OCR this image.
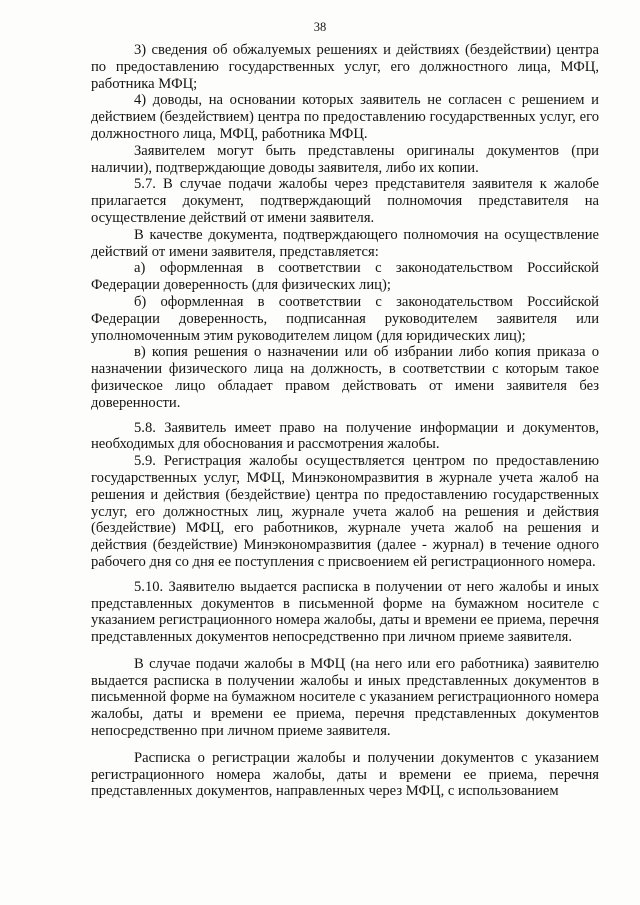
38

3) сведения об обжалуемых решениях и действиях (бездействии) центра по предоставлению государственных услуг, его должностного лица, МФЦ, работника МФЦ;

4) доводы, на основании которых заявитель не согласен с решением и действием (бездействием) центра по предоставлению государственных услуг, его должностного лица, МФЦ, работника МФЦ.

Заявителем могут быть представлены оригиналы документов (при наличии), подтверждающие доводы заявителя, либо их копии.

5.7. В случае подачи жалобы через представителя заявителя к жалобе прилагается документ, подтверждающий полномочия представителя на осуществление действий от имени заявителя.

В качестве документа, подтверждающего полномочия на осуществление действий от имени заявителя, представляется:

а) оформленная в соответствии с законодательством Российской Федерации доверенность (для физических лиц);

б) оформленная в соответствии с законодательством Российской Федерации доверенность, подписанная руководителем заявителя или уполномоченным этим руководителем лицом (для юридических лиц);

в) копия решения о назначении или об избрании либо копия приказа о назначении физического лица на должность, в соответствии с которым такое физическое лицо обладает правом действовать от имени заявителя без доверенности.

5.8. Заявитель имеет право на получение информации и документов, необходимых для обоснования и рассмотрения жалобы.

5.9. Регистрация жалобы осуществляется центром по предоставлению государственных услуг, МФЦ, Минэкономразвития в журнале учета жалоб на решения и действия (бездействие) центра по предоставлению государственных услуг, его должностных лиц, журнале учета жалоб на решения и действия (бездействие) МФЦ, его работников, журнале учета жалоб на решения и действия (бездействие) Минэкономразвития (далее - журнал) в течение одного рабочего дня со дня ее поступления с присвоением ей регистрационного номера.

5.10. Заявителю выдается расписка в получении от него жалобы и иных представленных документов в письменной форме на бумажном носителе с указанием регистрационного номера жалобы, даты и времени ее приема, перечня представленных документов непосредственно при личном приеме заявителя.

В случае подачи жалобы в МФЦ (на него или его работника) заявителю выдается расписка в получении жалобы и иных представленных документов в письменной форме на бумажном носителе с указанием регистрационного номера жалобы, даты и времени ее приема, перечня представленных документов непосредственно при личном приеме заявителя.

Расписка о регистрации жалобы и получении документов с указанием регистрационного номера жалобы, даты и времени ее приема, перечня представленных документов, направленных через МФЦ, с использованием
